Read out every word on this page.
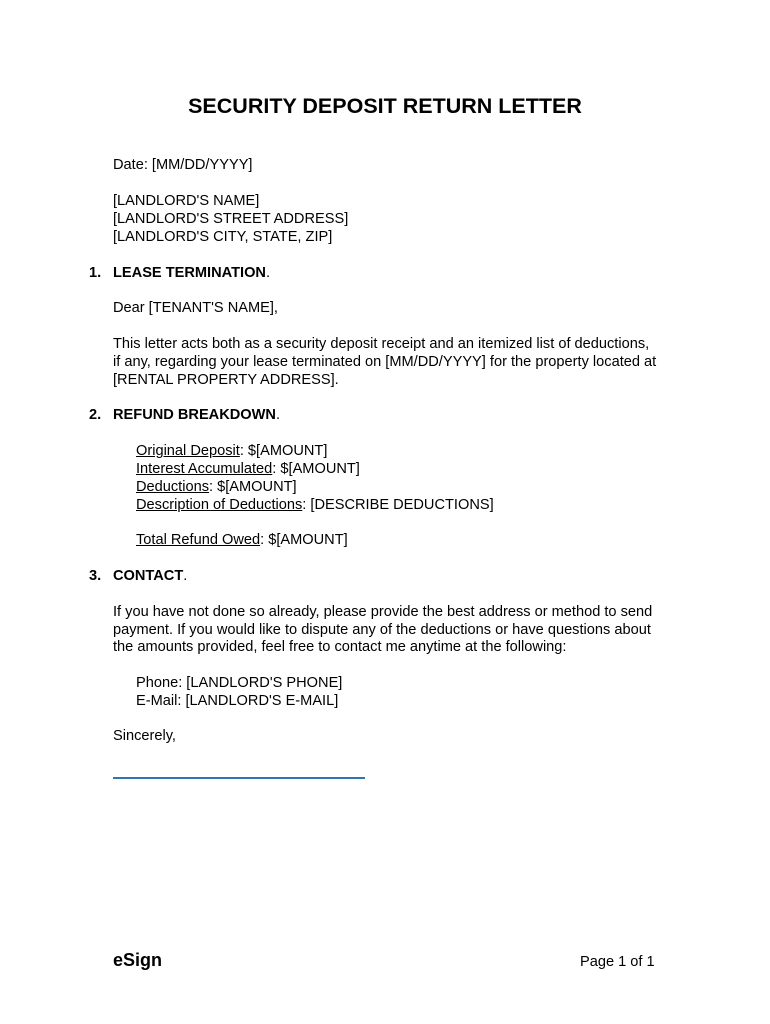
SECURITY DEPOSIT RETURN LETTER
Date: [MM/DD/YYYY]
[LANDLORD'S NAME]
[LANDLORD'S STREET ADDRESS]
[LANDLORD'S CITY, STATE, ZIP]
1. LEASE TERMINATION.
Dear [TENANT'S NAME],
This letter acts both as a security deposit receipt and an itemized list of deductions,
if any, regarding your lease terminated on [MM/DD/YYYY] for the property located at
[RENTAL PROPERTY ADDRESS].
2. REFUND BREAKDOWN.
Original Deposit: $[AMOUNT]
Interest Accumulated: $[AMOUNT]
Deductions: $[AMOUNT]
Description of Deductions: [DESCRIBE DEDUCTIONS]
Total Refund Owed: $[AMOUNT]
3. CONTACT.
If you have not done so already, please provide the best address or method to send
payment. If you would like to dispute any of the deductions or have questions about
the amounts provided, feel free to contact me anytime at the following:
Phone: [LANDLORD'S PHONE]
E-Mail: [LANDLORD'S E-MAIL]
Sincerely,
eSign	Page 1 of 1
